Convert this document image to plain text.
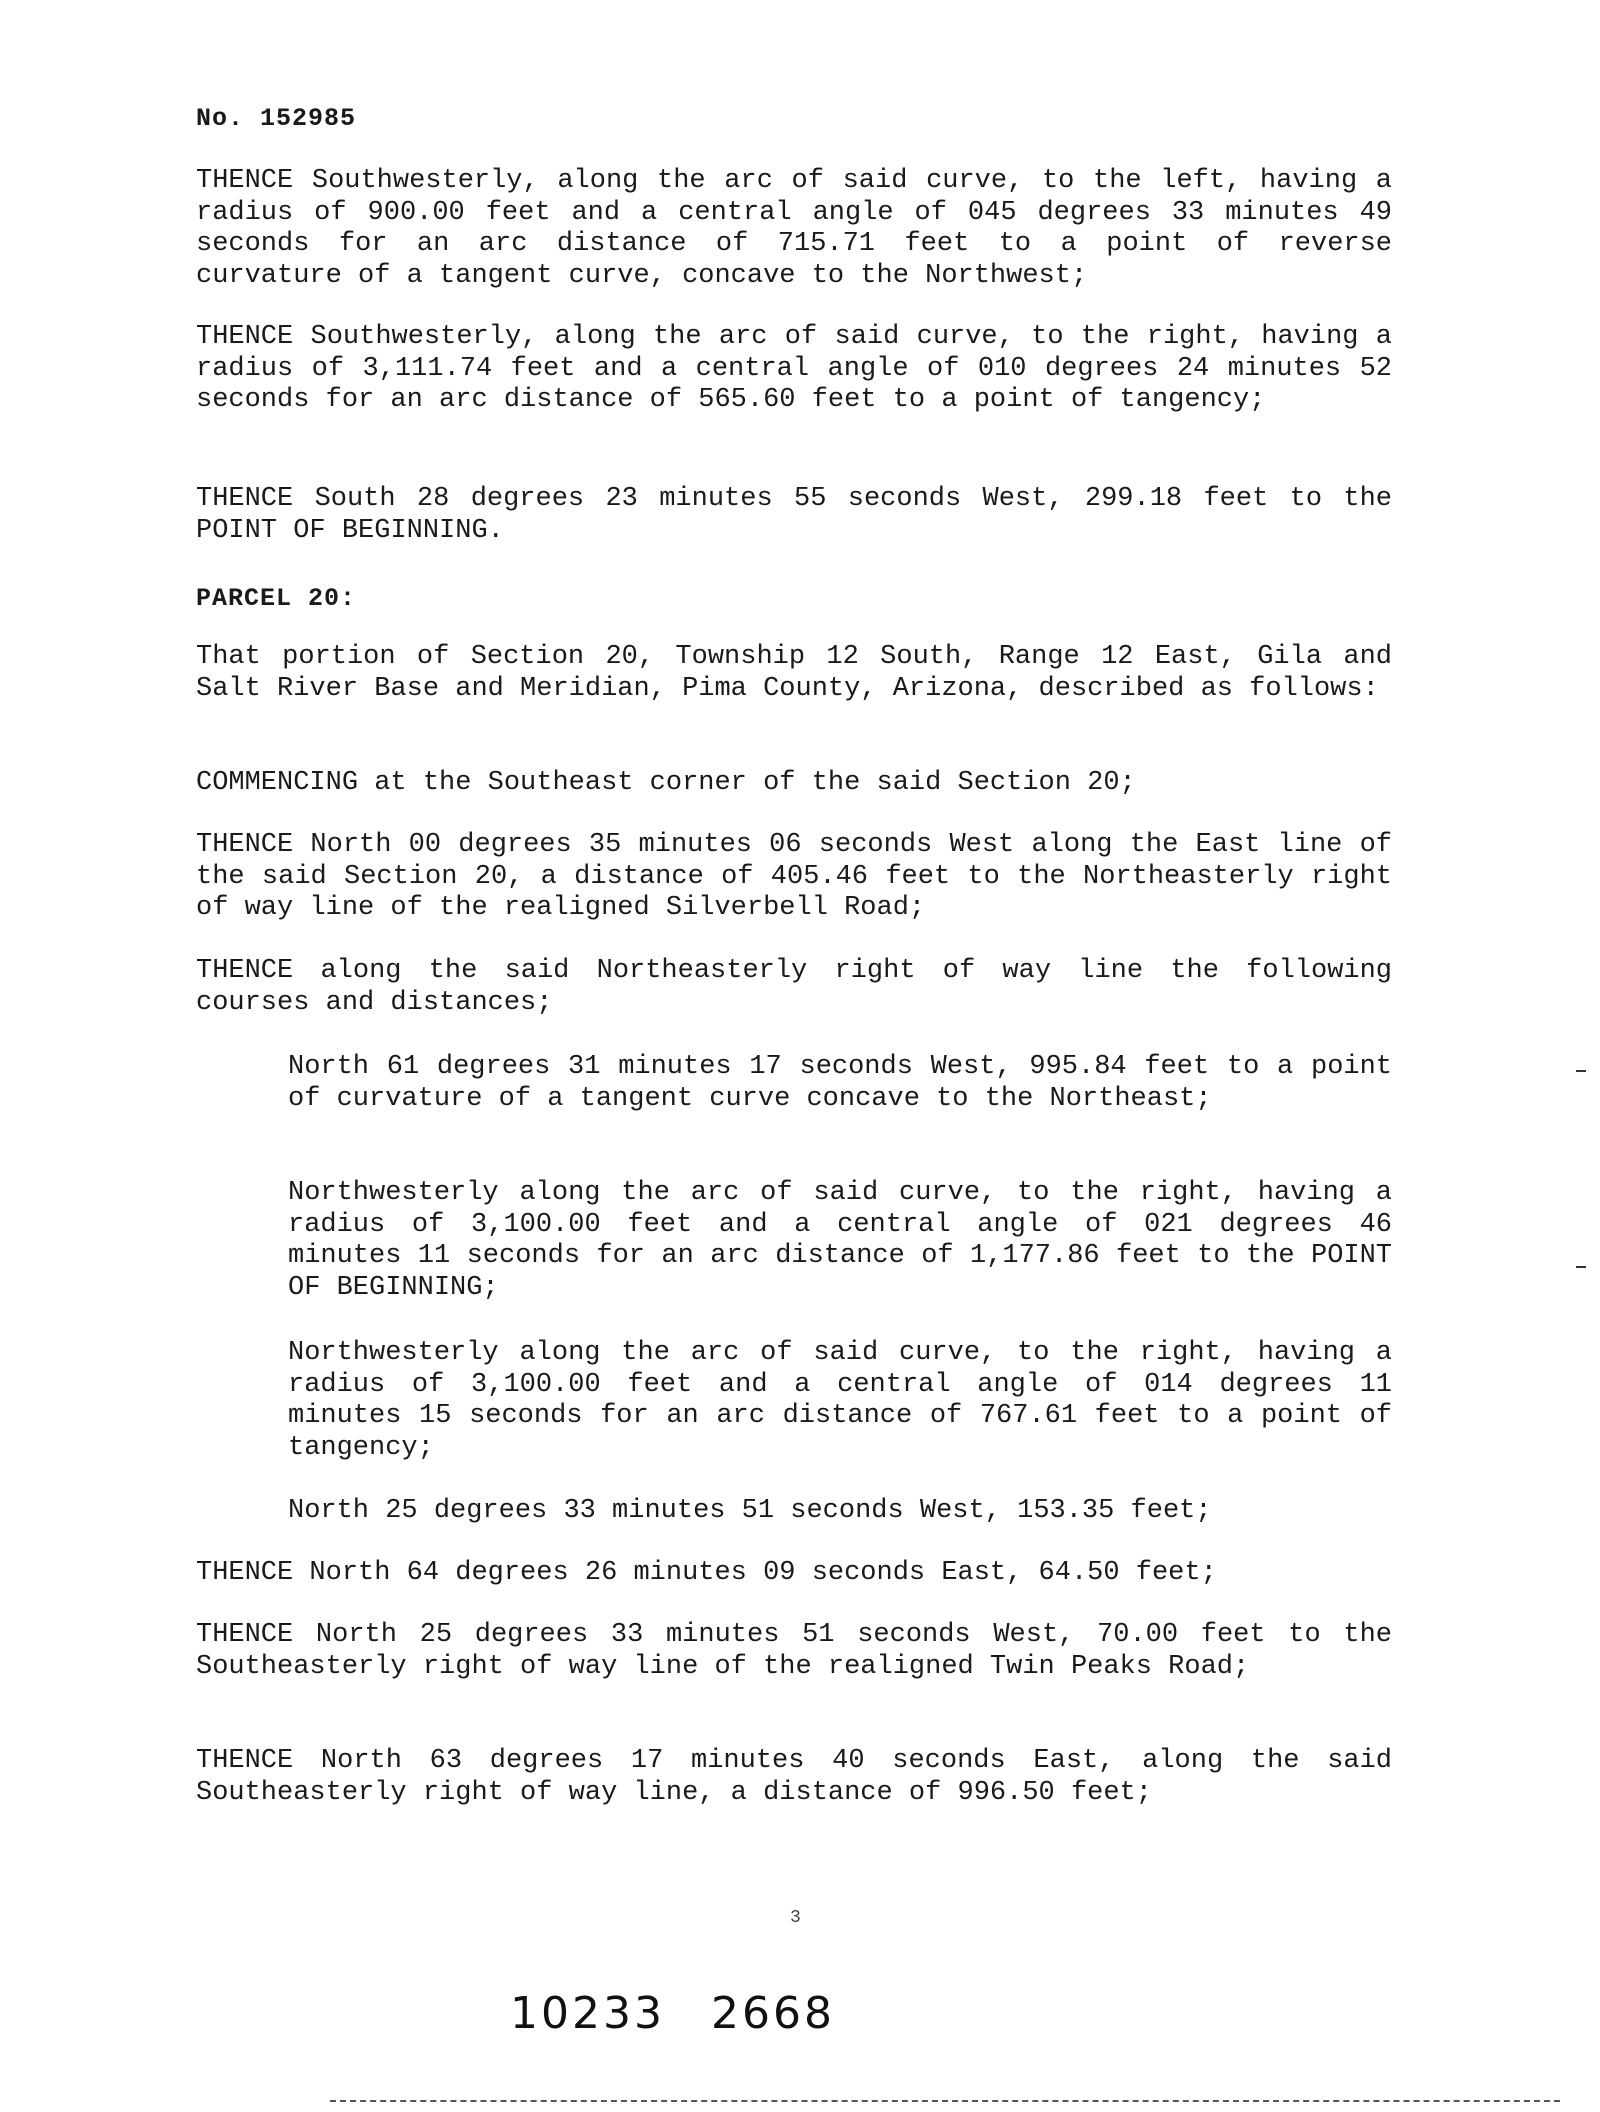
No. 152985

THENCE Southwesterly, along the arc of said curve, to the left, having a radius of 900.00 feet and a central angle of 045 degrees 33 minutes 49 seconds for an arc distance of 715.71 feet to a point of reverse curvature of a tangent curve, concave to the Northwest;

THENCE Southwesterly, along the arc of said curve, to the right, having a radius of 3,111.74 feet and a central angle of 010 degrees 24 minutes 52 seconds for an arc distance of 565.60 feet to a point of tangency;

THENCE South 28 degrees 23 minutes 55 seconds West, 299.18 feet to the POINT OF BEGINNING.

PARCEL 20:

That portion of Section 20, Township 12 South, Range 12 East, Gila and Salt River Base and Meridian, Pima County, Arizona, described as follows:

COMMENCING at the Southeast corner of the said Section 20;

THENCE North 00 degrees 35 minutes 06 seconds West along the East line of the said Section 20, a distance of 405.46 feet to the Northeasterly right of way line of the realigned Silverbell Road;

THENCE along the said Northeasterly right of way line the following courses and distances;

North 61 degrees 31 minutes 17 seconds West, 995.84 feet to a point of curvature of a tangent curve concave to the Northeast;

Northwesterly along the arc of said curve, to the right, having a radius of 3,100.00 feet and a central angle of 021 degrees 46 minutes 11 seconds for an arc distance of 1,177.86 feet to the POINT OF BEGINNING;

Northwesterly along the arc of said curve, to the right, having a radius of 3,100.00 feet and a central angle of 014 degrees 11 minutes 15 seconds for an arc distance of 767.61 feet to a point of tangency;

North 25 degrees 33 minutes 51 seconds West, 153.35 feet;

THENCE North 64 degrees 26 minutes 09 seconds East, 64.50 feet;

THENCE North 25 degrees 33 minutes 51 seconds West, 70.00 feet to the Southeasterly right of way line of the realigned Twin Peaks Road;

THENCE North 63 degrees 17 minutes 40 seconds East, along the said Southeasterly right of way line, a distance of 996.50 feet;

3
10233 2668
